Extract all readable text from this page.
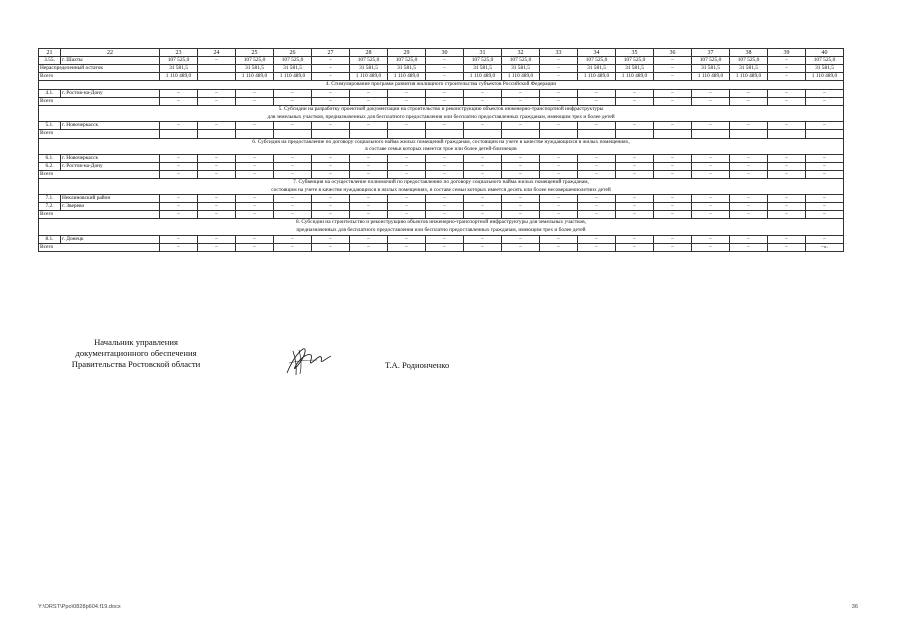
21	22	23	24	25	26	27	28	29	30	31	32	33	34	35	36	37	38	39	40
3.55.	г. Шахты	107 525,0	–	107 525,0	107 525,0	–	107 525,0	107 525,0	–	107 525,0	107 525,0	–	107 525,0	107 525,0	–	107 525,0	107 525,0	–	107 525,0
Нераспределенный остаток		31 581,5		31 581,5	31 581,5	–	31 581,5	31 581,5	–	31 581,5	31 581,5	–	31 581,5	31 581,5	–	31 581,5	31 581,5	–	31 581,5
Всего		1 110 489,0		1 110 489,0	1 110 489,0	–	1 110 489,0	1 110 489,0	–	1 110 489,0	1 110 489,0	–	1 110 489,0	1 110 489,0	–	1 110 489,0	1 110 489,0	–	1 110 489,0

4. Стимулирование программ развития жилищного строительства субъектов Российской Федерации																			

4.1.	г. Ростов-на-Дону	–	–	–	–	–	–	–	–	–	–	–	–	–	–	–	–	–	–
Всего		–	–	–	–	–	–	–	–	–	–	–	–	–	–	–	–	–	–

5. Субсидии на разработку проектной документации на строительство и реконструкцию объектов инженерно-транспортной инфраструктуры
для земельных участков, предназначенных для бесплатного предоставления или бесплатно предоставленных гражданам, имеющим трех и более детей																			

5.1.	г. Новочеркасск	–	–	–	–	–	–	–	–	–	–	–	–	–	–	–	–	–	–
Всего																			

6. Субсидия на предоставление по договору социального найма жилых помещений гражданам, состоящим на учете в качестве нуждающихся в жилых помещениях,
в составе семьи которых имеется трое или более детей-близнецов																			

6.1.	г. Новочеркасск	–	–	–	–	–	–	–	–	–	–	–	–	–	–	–	–	–	–
6.2.	г. Ростов-на-Дону	–	–	–	–	–	–	–	–	–	–	–	–	–	–	–	–	–	–
Всего		–	–	–	–	–	–	–	–	–	–	–	–	–	–	–	–	–	–

7. Субвенция на осуществление полномочий по предоставлению по договору социального найма жилых помещений гражданам,
состоящим на учете в качестве нуждающихся в жилых помещениях, в составе семьи которых имеется десять или более несовершеннолетних детей																			

7.1.	Неклиновский район	–	–	–	–	–	–	–	–	–	–	–	–	–	–	–	–	–	–
7.2.	г. Зверево	–	–	–	–	–	–	–	–	–	–	–	–	–	–	–	–	–	–
Всего		–	–	–	–	–	–	–	–	–	–	–	–	–	–	–	–	–	–

8. Субсидии на строительство и реконструкцию объектов инженерно-транспортной инфраструктуры для земельных участков,
предназначенных для бесплатного предоставления или бесплатно предоставленных гражданам, имеющим трех и более детей																			

8.1.	г. Донецк	–	–	–	–	–	–	–	–	–	–	–	–	–	–	–	–	–	–
Всего		–	–	–	–	–	–	–	–	–	–	–	–	–	–	–	–	–	–».
Начальник управления
документационного обеспечения
Правительства Ростовской области	Т.А. Родионченко
Y:\ORST\Ppo\0828p604.f19.docx	36
